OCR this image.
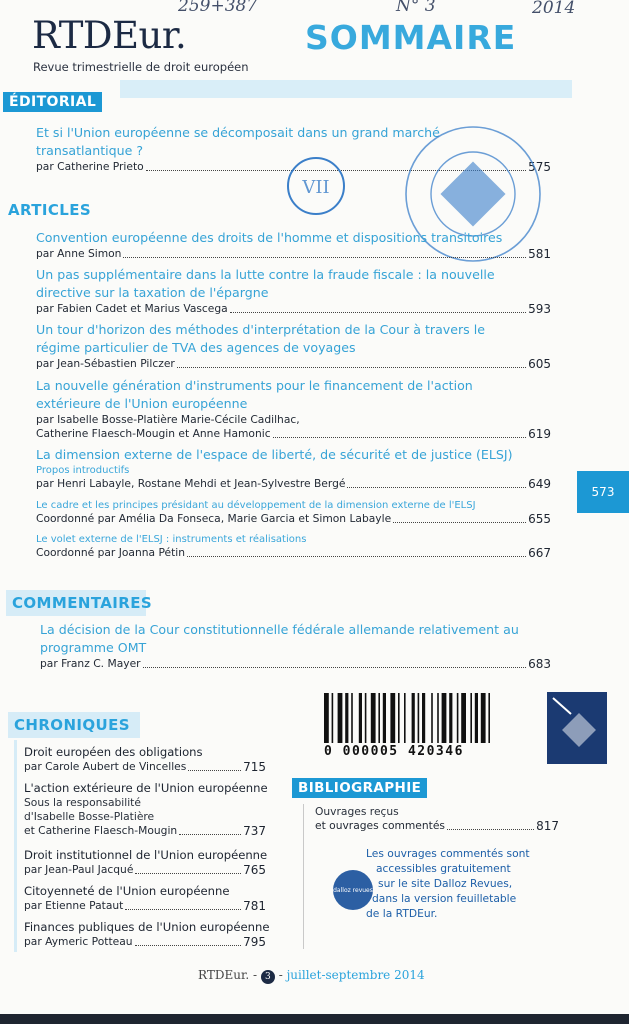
RTDEur.
Revue trimestrielle de droit européen
SOMMAIRE
259+387	N° 3	2014
ÉDITORIAL
Et si l'Union européenne se décomposait dans un grand marché
transatlantique ?
par Catherine Prieto	575
VII
ARTICLES
Convention européenne des droits de l'homme et dispositions transitoires
par Anne Simon	581
Un pas supplémentaire dans la lutte contre la fraude fiscale : la nouvelle
directive sur la taxation de l'épargne
par Fabien Cadet et Marius Vascega	593
Un tour d'horizon des méthodes d'interprétation de la Cour à travers le
régime particulier de TVA des agences de voyages
par Jean-Sébastien Pilczer	605
La nouvelle génération d'instruments pour le financement de l'action
extérieure de l'Union européenne
par Isabelle Bosse-Platière Marie-Cécile Cadilhac,
Catherine Flaesch-Mougin et Anne Hamonic	619
La dimension externe de l'espace de liberté, de sécurité et de justice (ELSJ)
Propos introductifs
par Henri Labayle, Rostane Mehdi et Jean-Sylvestre Bergé	649
Le cadre et les principes présidant au développement de la dimension externe de l'ELSJ
Coordonné par Amélia Da Fonseca, Marie Garcia et Simon Labayle	655
Le volet externe de l'ELSJ : instruments et réalisations
Coordonné par Joanna Pétin	667
573
COMMENTAIRES
La décision de la Cour constitutionnelle fédérale allemande relativement au
programme OMT
par Franz C. Mayer	683
CHRONIQUES
Droit européen des obligations
par Carole Aubert de Vincelles	715
L'action extérieure de l'Union européenne
Sous la responsabilité
d'Isabelle Bosse-Platière
et Catherine Flaesch-Mougin	737
Droit institutionnel de l'Union européenne
par Jean-Paul Jacqué	765
Citoyenneté de l'Union européenne
par Etienne Pataut	781
Finances publiques de l'Union européenne
par Aymeric Potteau	795
0 000005 420346
BIBLIOGRAPHIE
Ouvrages reçus
et ouvrages commentés	817
Les ouvrages commentés sont
accessibles gratuitement
sur le site Dalloz Revues,
dans la version feuilletable
de la RTDEur.
dalloz revues
RTDEur. - 3 - juillet-septembre 2014
